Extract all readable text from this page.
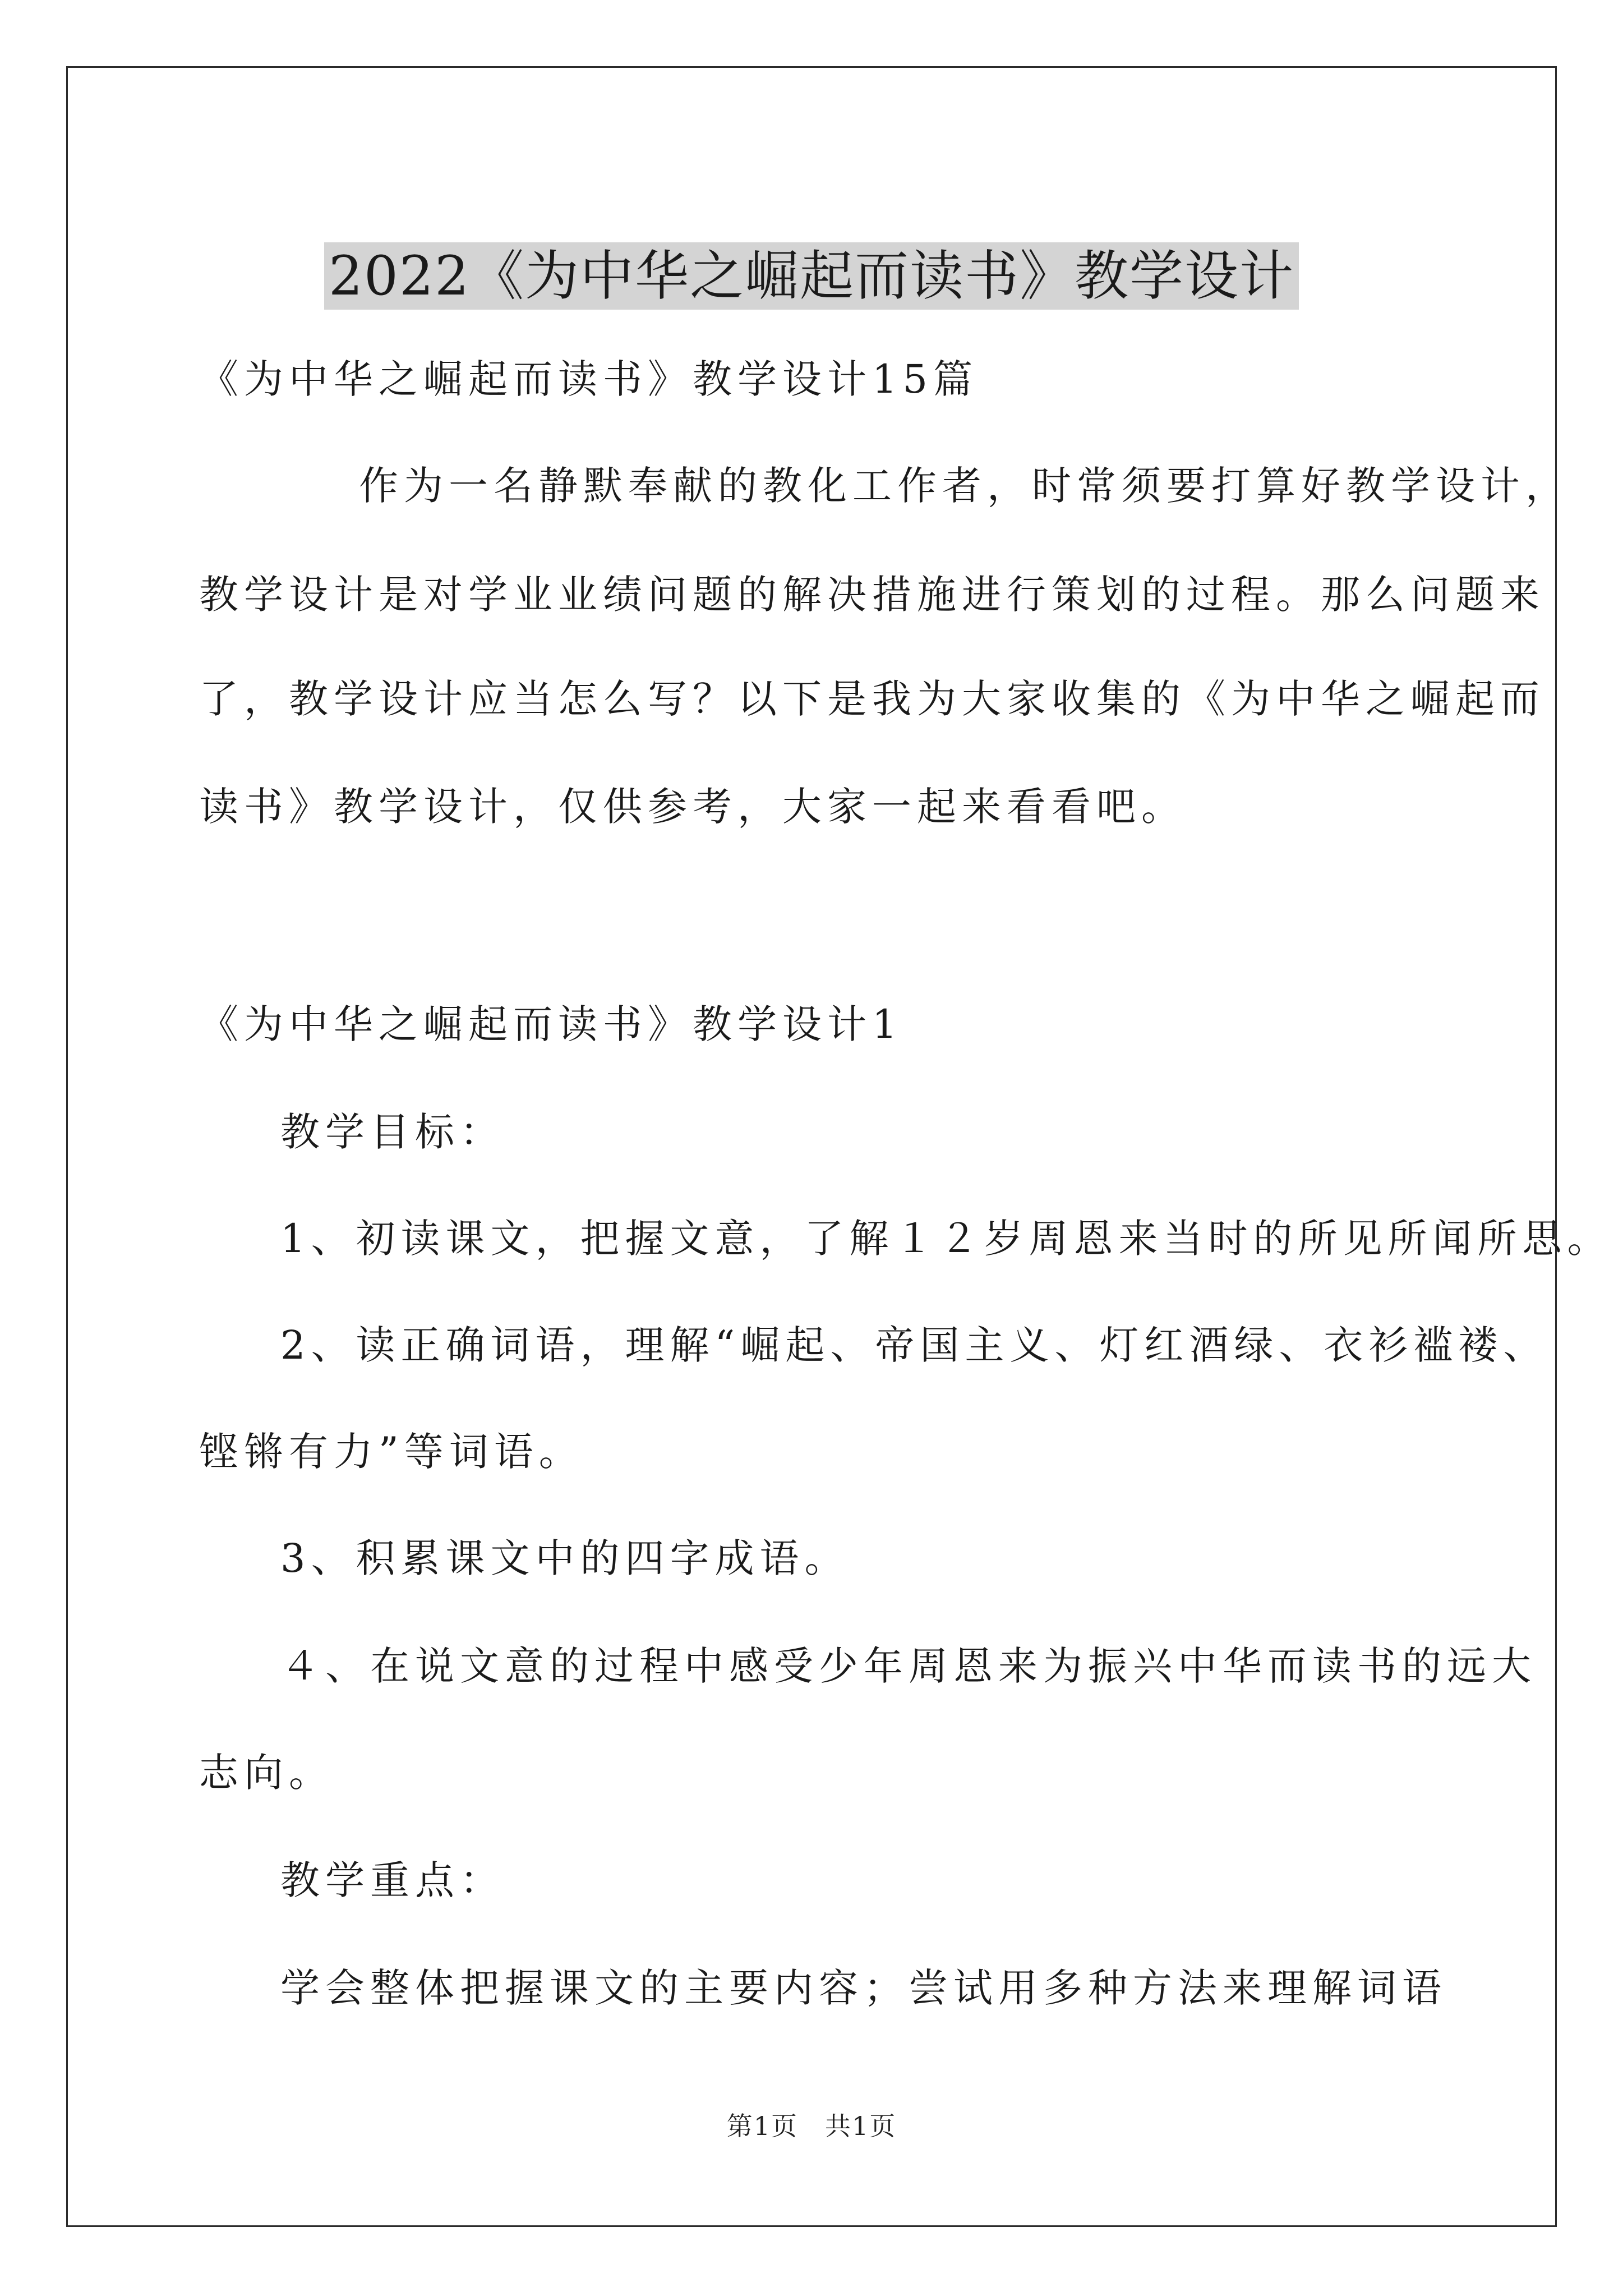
2022《为中华之崛起而读书》教学设计
《为中华之崛起而读书》教学设计15篇
作为一名静默奉献的教化工作者，时常须要打算好教学设计，
教学设计是对学业业绩问题的解决措施进行策划的过程。那么问题来
了，教学设计应当怎么写？以下是我为大家收集的《为中华之崛起而
读书》教学设计，仅供参考，大家一起来看看吧。
《为中华之崛起而读书》教学设计1
教学目标：
1、初读课文，把握文意，了解１２岁周恩来当时的所见所闻所思。
2、读正确词语，理解“崛起、帝国主义、灯红酒绿、衣衫褴褛、
铿锵有力”等词语。
3、积累课文中的四字成语。
４、在说文意的过程中感受少年周恩来为振兴中华而读书的远大
志向。
教学重点：
学会整体把握课文的主要内容；尝试用多种方法来理解词语
第1页　共1页
